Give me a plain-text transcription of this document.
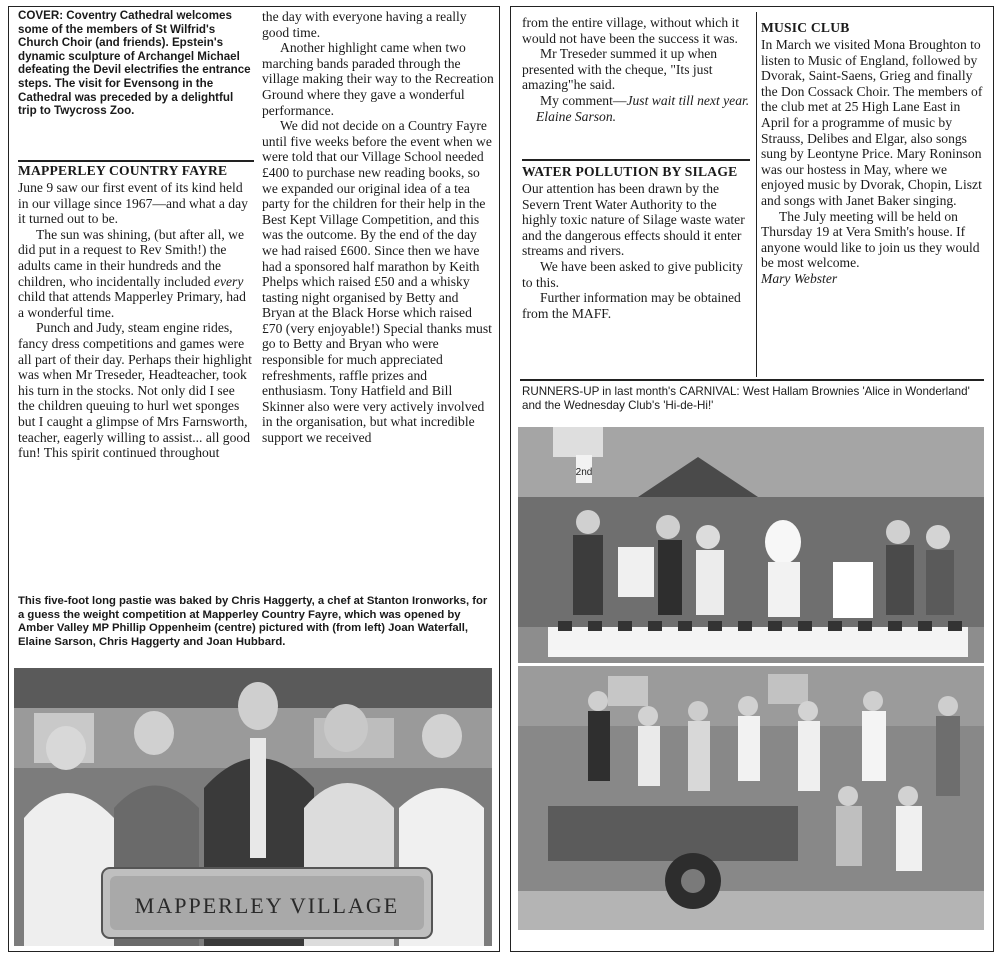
COVER: Coventry Cathedral welcomes some of the members of St Wilfrid's Church Choir (and friends). Epstein's dynamic sculpture of Archangel Michael defeating the Devil electrifies the entrance steps. The visit for Evensong in the Cathedral was preceded by a delightful trip to Twycross Zoo.
MAPPERLEY COUNTRY FAYRE

June 9 saw our first event of its kind held in our village since 1967—and what a day it turned out to be.

The sun was shining, (but after all, we did put in a request to Rev Smith!) the adults came in their hundreds and the children, who incidentally included every child that attends Mapperley Primary, had a wonderful time.

Punch and Judy, steam engine rides, fancy dress competitions and games were all part of their day. Perhaps their highlight was when Mr Treseder, Headteacher, took his turn in the stocks. Not only did I see the children queuing to hurl wet sponges but I caught a glimpse of Mrs Farnsworth, teacher, eagerly willing to assist... all good fun! This spirit continued throughout

the day with everyone having a really good time.

Another highlight came when two marching bands paraded through the village making their way to the Recreation Ground where they gave a wonderful performance.

We did not decide on a Country Fayre until five weeks before the event when we were told that our Village School needed £400 to purchase new reading books, so we expanded our original idea of a tea party for the children for their help in the Best Kept Village Competition, and this was the outcome. By the end of the day we had raised £600. Since then we have had a sponsored half marathon by Keith Phelps which raised £50 and a whisky tasting night organised by Betty and Bryan at the Black Horse which raised £70 (very enjoyable!) Special thanks must go to Betty and Bryan who were responsible for much appreciated refreshments, raffle prizes and enthusiasm. Tony Hatfield and Bill Skinner also were very actively involved in the organisation, but what incredible support we received

This five-foot long pastie was baked by Chris Haggerty, a chef at Stanton Ironworks, for a guess the weight competition at Mapperley Country Fayre, which was opened by Amber Valley MP Phillip Oppenheim (centre) pictured with (from left) Joan Waterfall, Elaine Sarson, Chris Haggerty and Joan Hubbard.
MAPPERLEY VILLAGE

from the entire village, without which it would not have been the success it was.

Mr Treseder summed it up when presented with the cheque, "Its just amazing"he said.

My comment—Just wait till next year. Elaine Sarson.

WATER POLLUTION BY SILAGE

Our attention has been drawn by the Severn Trent Water Authority to the highly toxic nature of Silage waste water and the dangerous effects should it enter streams and rivers.

We have been asked to give publicity to this.

Further information may be obtained from the MAFF.

MUSIC CLUB

In March we visited Mona Broughton to listen to Music of England, followed by Dvorak, Saint-Saens, Grieg and finally the Don Cossack Choir. The members of the club met at 25 High Lane East in April for a programme of music by Strauss, Delibes and Elgar, also songs sung by Leontyne Price. Mary Roninson was our hostess in May, where we enjoyed music by Dvorak, Chopin, Liszt and songs with Janet Baker singing.

The July meeting will be held on Thursday 19 at Vera Smith's house. If anyone would like to join us they would be most welcome.

Mary Webster

RUNNERS-UP in last month's CARNIVAL: West Hallam Brownies 'Alice in Wonderland' and the Wednesday Club's 'Hi-de-Hi!'
2nd
